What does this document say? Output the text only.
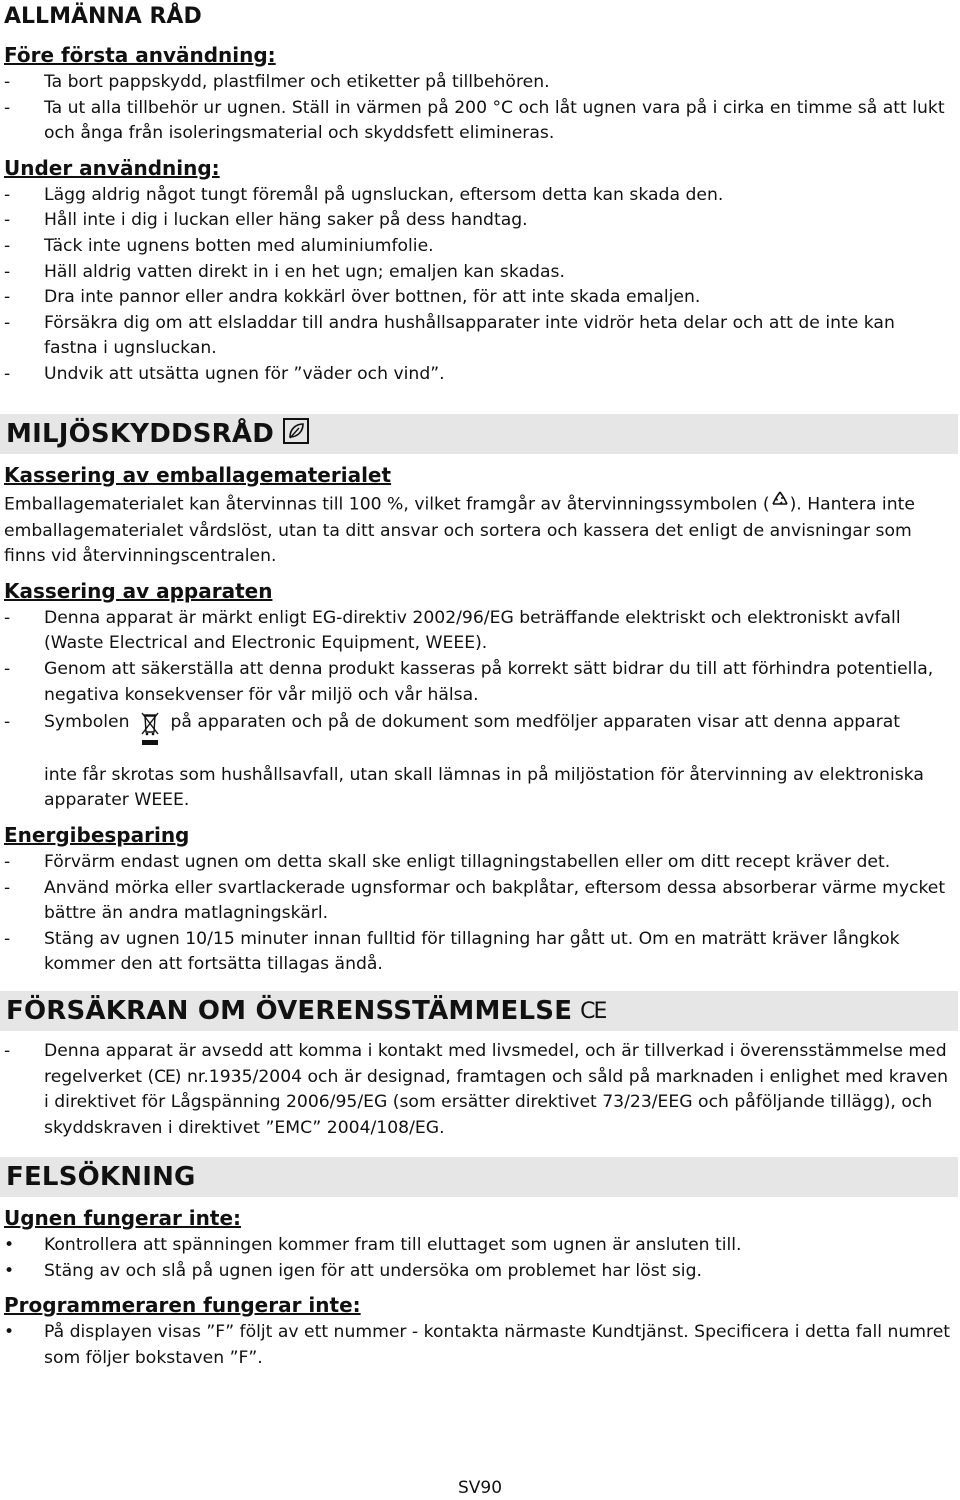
ALLMÄNNA RÅD
Före första användning:
-	Ta bort pappskydd, plastfilmer och etiketter på tillbehören.
-	Ta ut alla tillbehör ur ugnen. Ställ in värmen på 200 °C och låt ugnen vara på i cirka en timme så att lukt och ånga från isoleringsmaterial och skyddsfett elimineras.
Under användning:
-	Lägg aldrig något tungt föremål på ugnsluckan, eftersom detta kan skada den.
-	Håll inte i dig i luckan eller häng saker på dess handtag.
-	Täck inte ugnens botten med aluminiumfolie.
-	Häll aldrig vatten direkt in i en het ugn; emaljen kan skadas.
-	Dra inte pannor eller andra kokkärl över bottnen, för att inte skada emaljen.
-	Försäkra dig om att elsladdar till andra hushållsapparater inte vidrör heta delar och att de inte kan fastna i ugnsluckan.
-	Undvik att utsätta ugnen för ”väder och vind”.
MILJÖSKYDDSRÅD
Kassering av emballagematerialet
Emballagematerialet kan återvinnas till 100 %, vilket framgår av återvinningssymbolen ( ). Hantera inte emballagematerialet vårdslöst, utan ta ditt ansvar och sortera och kassera det enligt de anvisningar som finns vid återvinningscentralen.
Kassering av apparaten
-	Denna apparat är märkt enligt EG-direktiv 2002/96/EG beträffande elektriskt och elektroniskt avfall (Waste Electrical and Electronic Equipment, WEEE).
-	Genom att säkerställa att denna produkt kasseras på korrekt sätt bidrar du till att förhindra potentiella, negativa konsekvenser för vår miljö och vår hälsa.
-	Symbolen på apparaten och på de dokument som medföljer apparaten visar att denna apparat
inte får skrotas som hushållsavfall, utan skall lämnas in på miljöstation för återvinning av elektroniska apparater WEEE.
Energibesparing
-	Förvärm endast ugnen om detta skall ske enligt tillagningstabellen eller om ditt recept kräver det.
-	Använd mörka eller svartlackerade ugnsformar och bakplåtar, eftersom dessa absorberar värme mycket bättre än andra matlagningskärl.
-	Stäng av ugnen 10/15 minuter innan fulltid för tillagning har gått ut. Om en maträtt kräver långkok kommer den att fortsätta tillagas ändå.
FÖRSÄKRAN OM ÖVERENSSTÄMMELSE CE
-	Denna apparat är avsedd att komma i kontakt med livsmedel, och är tillverkad i överensstämmelse med regelverket (CE) nr.1935/2004 och är designad, framtagen och såld på marknaden i enlighet med kraven i direktivet för Lågspänning 2006/95/EG (som ersätter direktivet 73/23/EEG och påföljande tillägg), och skyddskraven i direktivet ”EMC” 2004/108/EG.
FELSÖKNING
Ugnen fungerar inte:
•	Kontrollera att spänningen kommer fram till eluttaget som ugnen är ansluten till.
•	Stäng av och slå på ugnen igen för att undersöka om problemet har löst sig.
Programmeraren fungerar inte:
•	På displayen visas ”F” följt av ett nummer - kontakta närmaste Kundtjänst. Specificera i detta fall numret som följer bokstaven ”F”.
SV90
